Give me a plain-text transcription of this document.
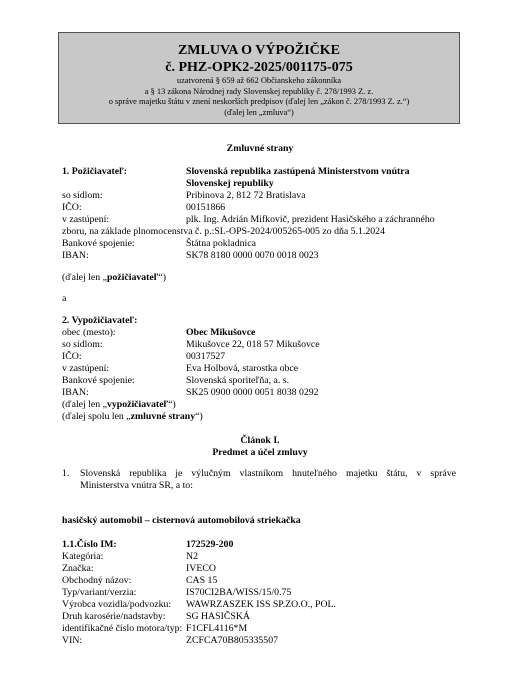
ZMLUVA O VÝPOŽIČKE
č. PHZ-OPK2-2025/001175-075
uzatvorená § 659 až 662 Občianskeho zákonníka
a § 13 zákona Národnej rady Slovenskej republiky č. 278/1993 Z. z.
o správe majetku štátu v znení neskorších predpisov (ďalej len „zákon č. 278/1993 Z. z.“)
(ďalej len „zmluva“)
Zmluvné strany
1. Požičiavateľ:	Slovenská republika zastúpená Ministerstvom vnútra
Slovenskej republiky
so sídlom:	Pribinova 2, 812 72 Bratislava
IČO:	00151866
v zastúpení:	plk. Ing. Adrián Mifkovič, prezident Hasičského a záchranného
zboru, na základe plnomocenstva č. p.:SL-OPS-2024/005265-005 zo dňa 5.1.2024
Bankové spojenie:	Štátna pokladnica
IBAN:	SK78 8180 0000 0070 0018 0023
(ďalej len „požičiavateľ“)
a
2. Vypožičiavateľ:
obec (mesto):	Obec Mikušovce
so sídlom:	Mikušovce 22, 018 57 Mikušovce
IČO:	00317527
v zastúpení:	Eva Holbová, starostka obce
Bankové spojenie:	Slovenská sporiteľňa, a. s.
IBAN:	SK25 0900 0000 0051 8038 0292
(ďalej len „vypožičiavateľ“)
(ďalej spolu len „zmluvné strany“)
Článok I.
Predmet a účel zmluvy
1. Slovenská republika je výlučným vlastníkom hnuteľného majetku štátu, v správe
Ministerstva vnútra SR, a to:
hasičský automobil – cisternová automobilová striekačka
1.1.Číslo IM:	172529-200
Kategória:	N2
Značka:	IVECO
Obchodný názov:	CAS 15
Typ/variant/verzia:	IS70CI2BA/WISS/15/0.75
Výrobca vozidla/podvozku: WAWRZASZEK ISS SP.ZO.O., POL.
Druh karosérie/nadstavby: SG HASIČSKÁ
identifikačné číslo motora/typ: F1CFL4116*M
VIN:	ZCFCA70B805335507
